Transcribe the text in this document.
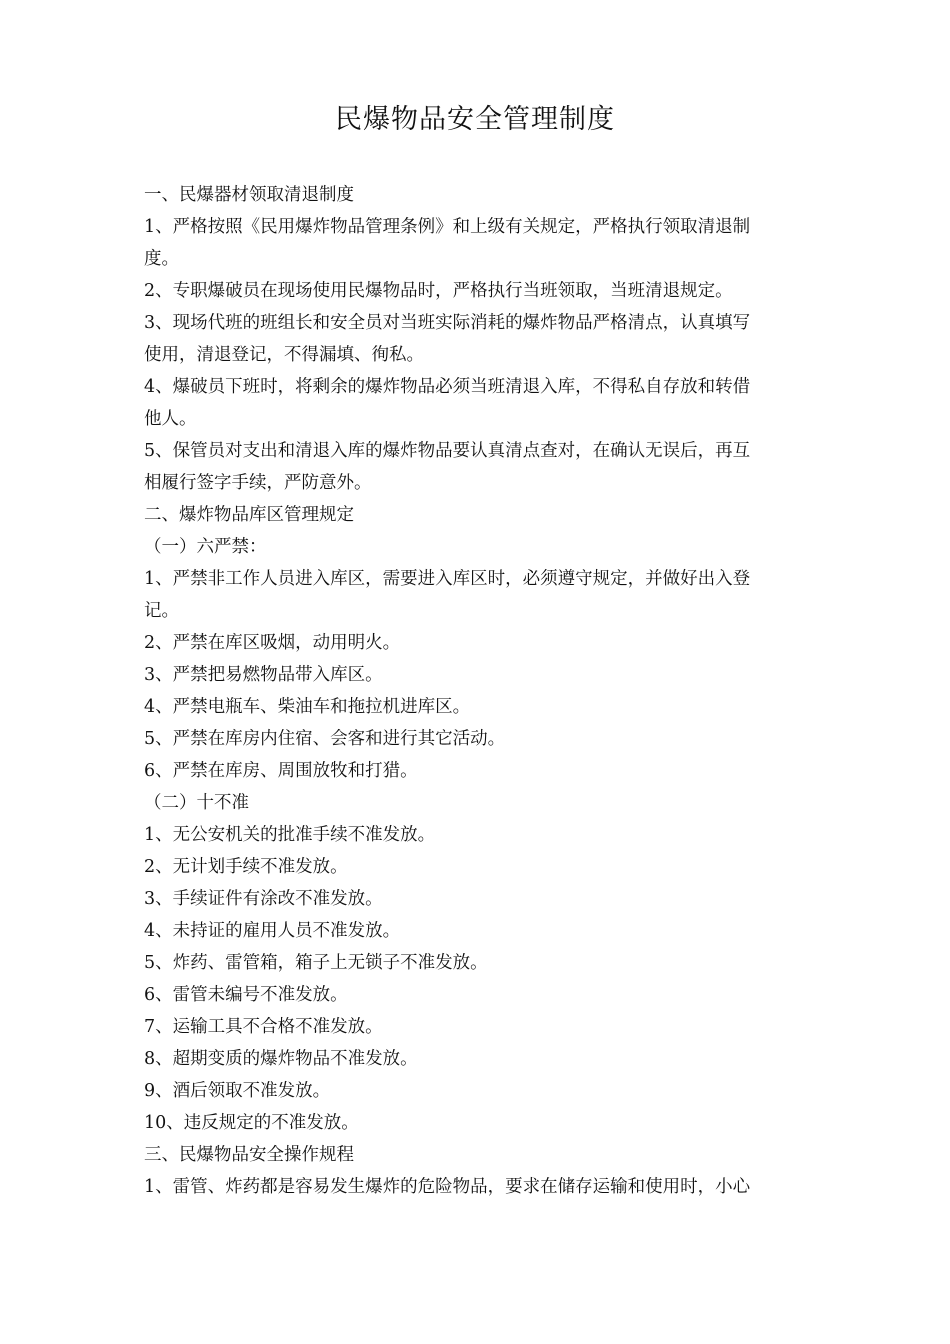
民爆物品安全管理制度
一、民爆器材领取清退制度
1、严格按照《民用爆炸物品管理条例》和上级有关规定，严格执行领取清退制
度。
2、专职爆破员在现场使用民爆物品时，严格执行当班领取，当班清退规定。
3、现场代班的班组长和安全员对当班实际消耗的爆炸物品严格清点，认真填写
使用，清退登记，不得漏填、徇私。
4、爆破员下班时，将剩余的爆炸物品必须当班清退入库，不得私自存放和转借
他人。
5、保管员对支出和清退入库的爆炸物品要认真清点查对，在确认无误后，再互
相履行签字手续，严防意外。
二、爆炸物品库区管理规定
（一）六严禁：
1、严禁非工作人员进入库区，需要进入库区时，必须遵守规定，并做好出入登
记。
2、严禁在库区吸烟，动用明火。
3、严禁把易燃物品带入库区。
4、严禁电瓶车、柴油车和拖拉机进库区。
5、严禁在库房内住宿、会客和进行其它活动。
6、严禁在库房、周围放牧和打猎。
（二）十不准
1、无公安机关的批准手续不准发放。
2、无计划手续不准发放。
3、手续证件有涂改不准发放。
4、未持证的雇用人员不准发放。
5、炸药、雷管箱，箱子上无锁子不准发放。
6、雷管未编号不准发放。
7、运输工具不合格不准发放。
8、超期变质的爆炸物品不准发放。
9、酒后领取不准发放。
10、违反规定的不准发放。
三、民爆物品安全操作规程
1、雷管、炸药都是容易发生爆炸的危险物品，要求在储存运输和使用时，小心
